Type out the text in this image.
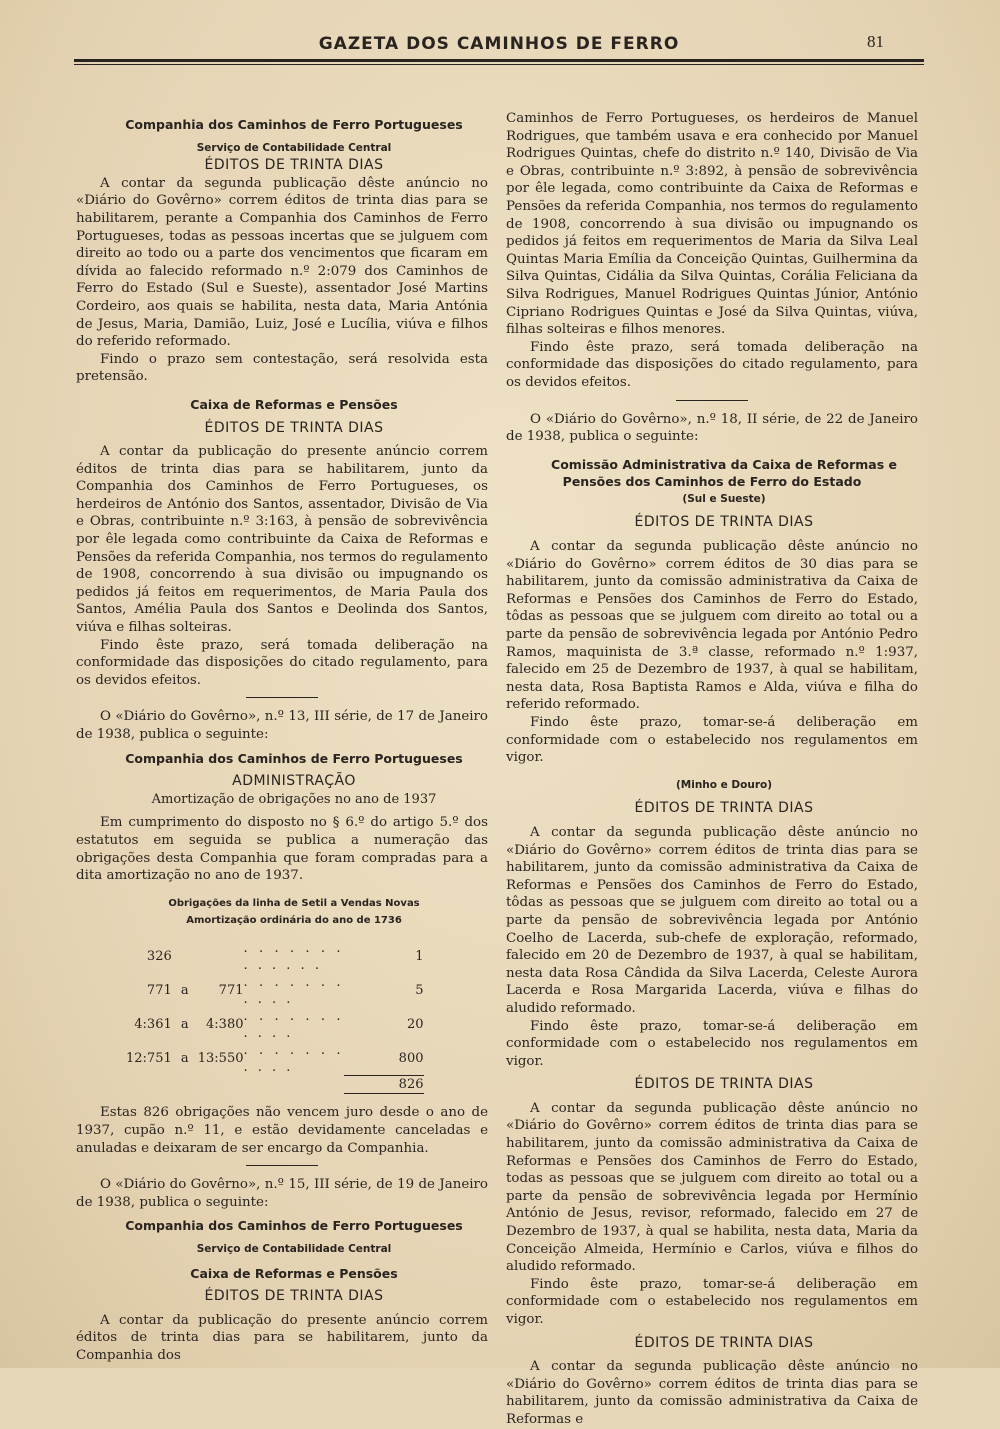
GAZETA DOS CAMINHOS DE FERRO	81

Companhia dos Caminhos de Ferro Portugueses

Serviço de Contabilidade Central

ÉDITOS DE TRINTA DIAS

A contar da segunda publicação dêste anúncio no «Diário do Govêrno» correm éditos de trinta dias para se habilitarem, perante a Companhia dos Caminhos de Ferro Portugueses, todas as pessoas incertas que se julguem com direito ao todo ou a parte dos vencimentos que ficaram em dívida ao falecido reformado n.º 2:079 dos Caminhos de Ferro do Estado (Sul e Sueste), assentador José Martins Cordeiro, aos quais se habilita, nesta data, Maria Antónia de Jesus, Maria, Damião, Luiz, José e Lucília, viúva e filhos do referido reformado.

Findo o prazo sem contestação, será resolvida esta pretensão.

Caixa de Reformas e Pensões

ÉDITOS DE TRINTA DIAS

A contar da publicação do presente anúncio correm éditos de trinta dias para se habilitarem, junto da Companhia dos Caminhos de Ferro Portugueses, os herdeiros de António dos Santos, assentador, Divisão de Via e Obras, contribuinte n.º 3:163, à pensão de sobrevivência por êle legada como contribuinte da Caixa de Reformas e Pensões da referida Companhia, nos termos do regulamento de 1908, concorrendo à sua divisão ou impugnando os pedidos já feitos em requerimentos, de Maria Paula dos Santos, Amélia Paula dos Santos e Deolinda dos Santos, viúva e filhas solteiras.

Findo êste prazo, será tomada deliberação na conformidade das disposições do citado regulamento, para os devidos efeitos.

O «Diário do Govêrno», n.º 13, III série, de 17 de Janeiro de 1938, publica o seguinte:

Companhia dos Caminhos de Ferro Portugueses

ADMINISTRAÇÃO

Amortização de obrigações no ano de 1937

Em cumprimento do disposto no § 6.º do artigo 5.º dos estatutos em seguida se publica a numeração das obrigações desta Companhia que foram compradas para a dita amortização no ano de 1937.

Obrigações da linha de Setil a Vendas Novas

Amortização ordinária do ano de 1736

326			. . . . . . . . . . . . .	1
771	a	771	. . . . . . . . . . .	5
4:361	a	4:380	. . . . . . . . . . .	20
12:751	a	13:550	. . . . . . . . . . .	800
				826

Estas 826 obrigações não vencem juro desde o ano de 1937, cupão n.º 11, e estão devidamente canceladas e anuladas e deixaram de ser encargo da Companhia.

O «Diário do Govêrno», n.º 15, III série, de 19 de Janeiro de 1938, publica o seguinte:

Companhia dos Caminhos de Ferro Portugueses

Serviço de Contabilidade Central

Caixa de Reformas e Pensões

ÉDITOS DE TRINTA DIAS

A contar da publicação do presente anúncio correm éditos de trinta dias para se habilitarem, junto da Companhia dos

Caminhos de Ferro Portugueses, os herdeiros de Manuel Rodrigues, que também usava e era conhecido por Manuel Rodrigues Quintas, chefe do distrito n.º 140, Divisão de Via e Obras, contribuinte n.º 3:892, à pensão de sobrevivência por êle legada, como contribuinte da Caixa de Reformas e Pensões da referida Companhia, nos termos do regulamento de 1908, concorrendo à sua divisão ou impugnando os pedidos já feitos em requerimentos de Maria da Silva Leal Quintas Maria Emília da Conceição Quintas, Guilhermina da Silva Quintas, Cidália da Silva Quintas, Corália Feliciana da Silva Rodrigues, Manuel Rodrigues Quintas Júnior, António Cipriano Rodrigues Quintas e José da Silva Quintas, viúva, filhas solteiras e filhos menores.

Findo êste prazo, será tomada deliberação na conformidade das disposições do citado regulamento, para os devidos efeitos.

O «Diário do Govêrno», n.º 18, II série, de 22 de Janeiro de 1938, publica o seguinte:

Comissão Administrativa da Caixa de Reformas e Pensões dos Caminhos de Ferro do Estado

(Sul e Sueste)

ÉDITOS DE TRINTA DIAS

A contar da segunda publicação dêste anúncio no «Diário do Govêrno» correm éditos de 30 dias para se habilitarem, junto da comissão administrativa da Caixa de Reformas e Pensões dos Caminhos de Ferro do Estado, tôdas as pessoas que se julguem com direito ao total ou a parte da pensão de sobrevivência legada por António Pedro Ramos, maquinista de 3.ª classe, reformado n.º 1:937, falecido em 25 de Dezembro de 1937, à qual se habilitam, nesta data, Rosa Baptista Ramos e Alda, viúva e filha do referido reformado.

Findo êste prazo, tomar-se-á deliberação em conformidade com o estabelecido nos regulamentos em vigor.

(Minho e Douro)

ÉDITOS DE TRINTA DIAS

A contar da segunda publicação dêste anúncio no «Diário do Govêrno» correm éditos de trinta dias para se habilitarem, junto da comissão administrativa da Caixa de Reformas e Pensões dos Caminhos de Ferro do Estado, tôdas as pessoas que se julguem com direito ao total ou a parte da pensão de sobrevivência legada por António Coelho de Lacerda, sub-chefe de exploração, reformado, falecido em 20 de Dezembro de 1937, à qual se habilitam, nesta data Rosa Cândida da Silva Lacerda, Celeste Aurora Lacerda e Rosa Margarida Lacerda, viúva e filhas do aludido reformado.

Findo êste prazo, tomar-se-á deliberação em conformidade com o estabelecido nos regulamentos em vigor.

ÉDITOS DE TRINTA DIAS

A contar da segunda publicação dêste anúncio no «Diário do Govêrno» correm éditos de trinta dias para se habilitarem, junto da comissão administrativa da Caixa de Reformas e Pensões dos Caminhos de Ferro do Estado, todas as pessoas que se julguem com direito ao total ou a parte da pensão de sobrevivência legada por Hermínio António de Jesus, revisor, reformado, falecido em 27 de Dezembro de 1937, à qual se habilita, nesta data, Maria da Conceição Almeida, Hermínio e Carlos, viúva e filhos do aludido reformado.

Findo êste prazo, tomar-se-á deliberação em conformidade com o estabelecido nos regulamentos em vigor.

ÉDITOS DE TRINTA DIAS

A contar da segunda publicação dêste anúncio no «Diário do Govêrno» correm éditos de trinta dias para se habilitarem, junto da comissão administrativa da Caixa de Reformas e
